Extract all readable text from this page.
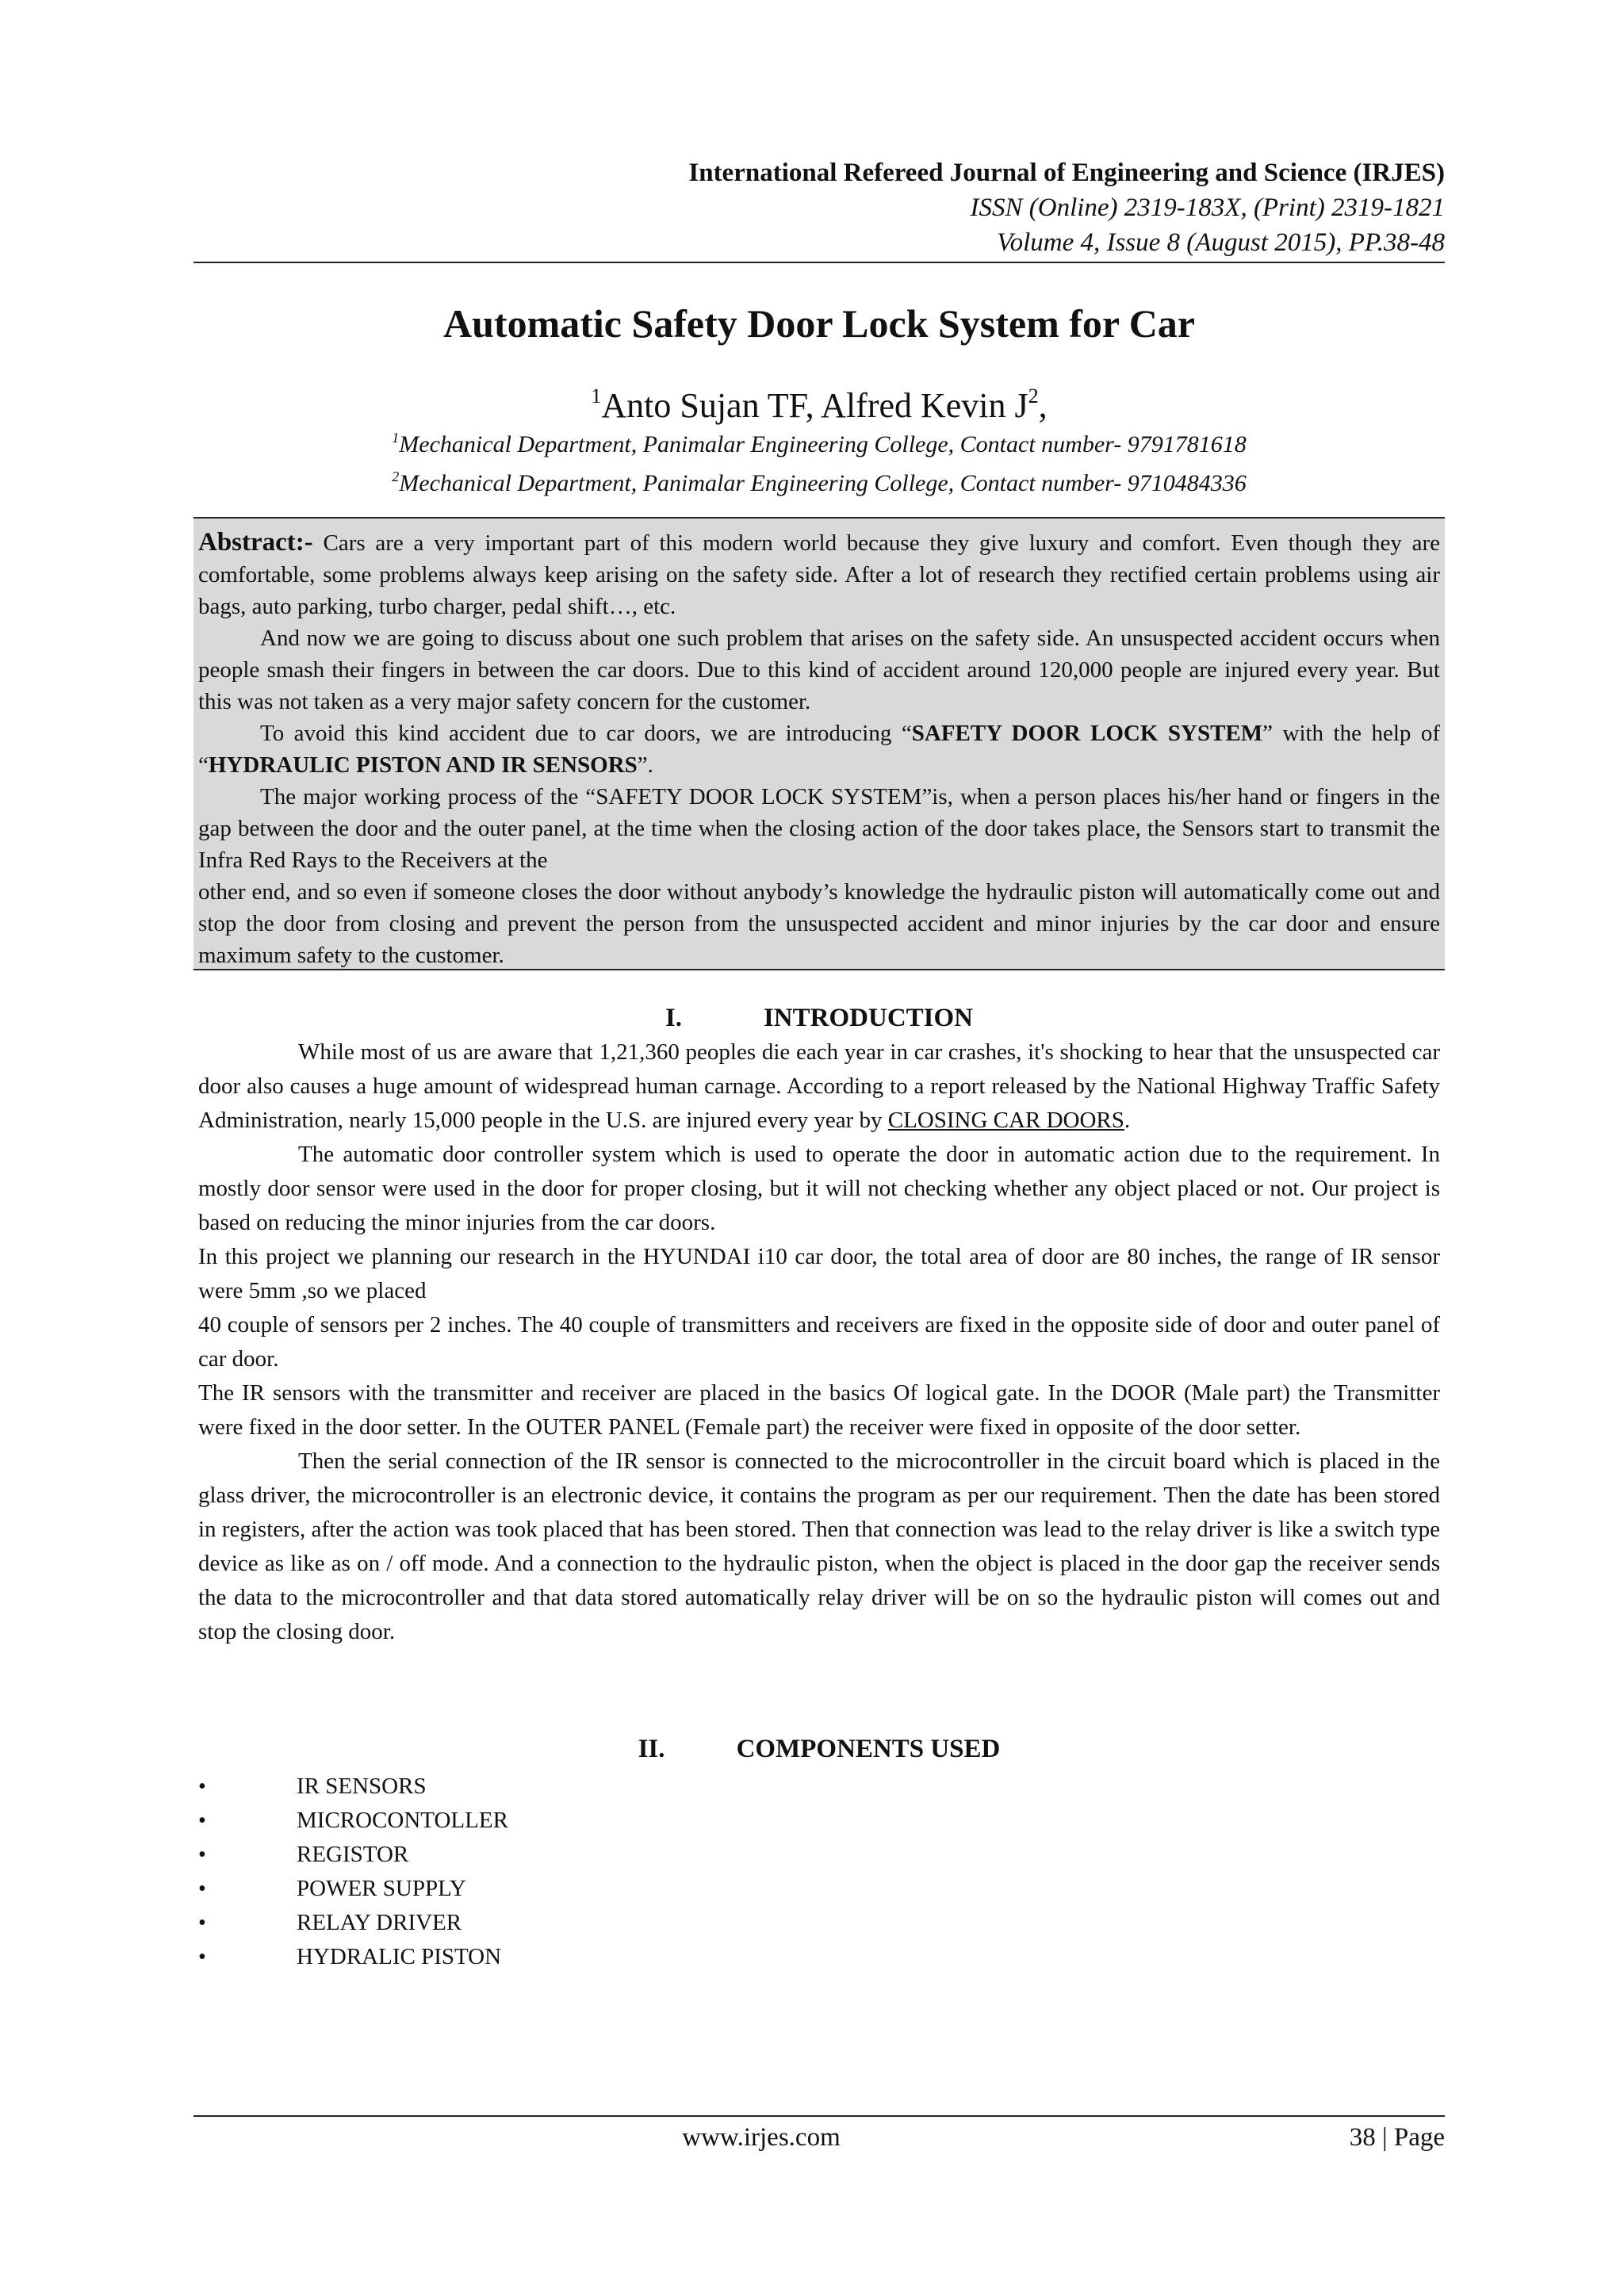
International Refereed Journal of Engineering and Science (IRJES)
ISSN (Online) 2319-183X, (Print) 2319-1821
Volume 4, Issue 8 (August 2015), PP.38-48
Automatic Safety Door Lock System for Car
$^1$Anto Sujan TF, Alfred Kevin $J^2$,
$^1$Mechanical Department, Panimalar Engineering College, Contact number- 9791781618
$^2$Mechanical Department, Panimalar Engineering College, Contact number- 9710484336

Abstract:- Cars are a very important part of this modern world because they give luxury and comfort. Even though they are comfortable, some problems always keep arising on the safety side. After a lot of research they rectified certain problems using air bags, auto parking, turbo charger, pedal shift…, etc.

And now we are going to discuss about one such problem that arises on the safety side. An unsuspected accident occurs when people smash their fingers in between the car doors. Due to this kind of accident around 120,000 people are injured every year. But this was not taken as a very major safety concern for the customer.

To avoid this kind accident due to car doors, we are introducing “SAFETY DOOR LOCK SYSTEM” with the help of “HYDRAULIC PISTON AND IR SENSORS”.

The major working process of the “SAFETY DOOR LOCK SYSTEM”is, when a person places his/her hand or fingers in the gap between the door and the outer panel, at the time when the closing action of the door takes place, the Sensors start to transmit the Infra Red Rays to the Receivers at the

other end, and so even if someone closes the door without anybody’s knowledge the hydraulic piston will automatically come out and stop the door from closing and prevent the person from the unsuspected accident and minor injuries by the car door and ensure maximum safety to the customer.

I.	INTRODUCTION

While most of us are aware that 1,21,360 peoples die each year in car crashes, it's shocking to hear that the unsuspected car door also causes a huge amount of widespread human carnage. According to a report released by the National Highway Traffic Safety Administration, nearly 15,000 people in the U.S. are injured every year by CLOSING CAR DOORS.

The automatic door controller system which is used to operate the door in automatic action due to the requirement. In mostly door sensor were used in the door for proper closing, but it will not checking whether any object placed or not. Our project is based on reducing the minor injuries from the car doors.

In this project we planning our research in the HYUNDAI i10 car door, the total area of door are 80 inches, the range of IR sensor were 5mm ,so we placed

40 couple of sensors per 2 inches. The 40 couple of transmitters and receivers are fixed in the opposite side of door and outer panel of car door.

The IR sensors with the transmitter and receiver are placed in the basics Of logical gate. In the DOOR (Male part) the Transmitter were fixed in the door setter. In the OUTER PANEL (Female part) the receiver were fixed in opposite of the door setter.

Then the serial connection of the IR sensor is connected to the microcontroller in the circuit board which is placed in the glass driver, the microcontroller is an electronic device, it contains the program as per our requirement. Then the date has been stored in registers, after the action was took placed that has been stored. Then that connection was lead to the relay driver is like a switch type device as like as on / off mode. And a connection to the hydraulic piston, when the object is placed in the door gap the receiver sends the data to the microcontroller and that data stored automatically relay driver will be on so the hydraulic piston will comes out and stop the closing door.

II.	COMPONENTS USED
•	IR SENSORS
•	MICROCONTOLLER
•	REGISTOR
•	POWER SUPPLY
•	RELAY DRIVER
•	HYDRALIC PISTON
www.irjes.com	38 | Page
